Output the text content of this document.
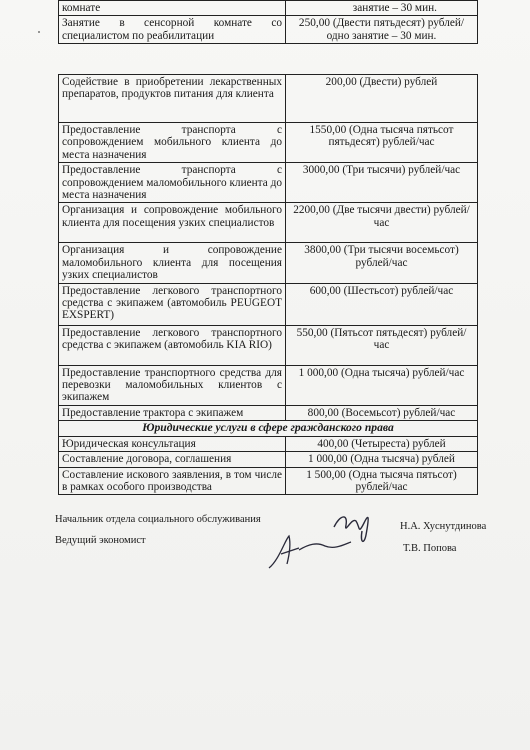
комнате	занятие – 30 мин.
Занятие в сенсорной комнате со специалистом по реабилитации	250,00 (Двести пятьдесят) рублей/одно занятие – 30 мин.
Содействие в приобретении лекарственных препаратов, продуктов питания для клиента	200,00 (Двести) рублей
Предоставление транспорта с сопровождением мобильного клиента до места назначения	1550,00 (Одна тысяча пятьсот пятьдесят) рублей/час
Предоставление транспорта с сопровождением маломобильного клиента до места назначения	3000,00 (Три тысячи) рублей/час
Организация и сопровождение мобильного клиента для посещения узких специалистов	2200,00 (Две тысячи двести) рублей/час
Организация и сопровождение маломобильного клиента для посещения узких специалистов	3800,00 (Три тысячи восемьсот) рублей/час
Предоставление легкового транспортного средства с экипажем (автомобиль PEUGEOT EXSPERT)	600,00 (Шестьсот) рублей/час
Предоставление легкового транспортного средства с экипажем (автомобиль KIA RIO)	550,00 (Пятьсот пятьдесят) рублей/час
Предоставление транспортного средства для перевозки маломобильных клиентов с экипажем	1 000,00 (Одна тысяча) рублей/час
Предоставление трактора с экипажем	800,00 (Восемьсот) рублей/час
Юридические услуги в сфере гражданского права	
Юридическая консультация	400,00 (Четыреста) рублей
Составление договора, соглашения	1 000,00 (Одна тысяча) рублей
Составление искового заявления, в том числе в рамках особого производства	1 500,00 (Одна тысяча пятьсот) рублей/час
Начальник отдела социального обслуживания
Н.А. Хуснутдинова
Ведущий экономист
Т.В. Попова
